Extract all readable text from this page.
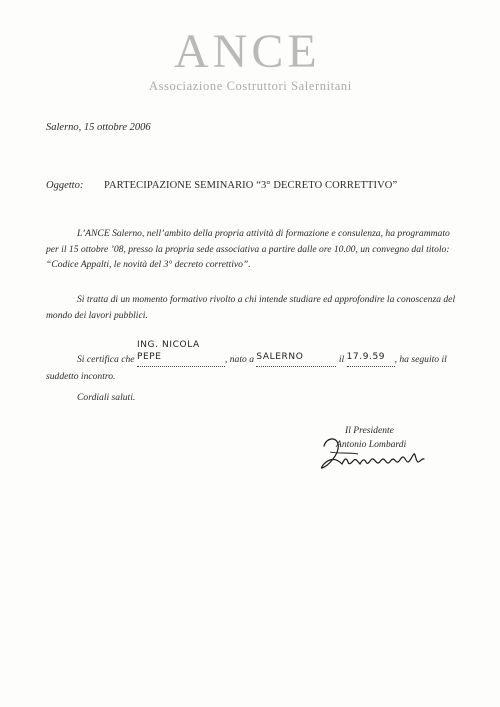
ANCE
Associazione Costruttori Salernitani
Salerno, 15 ottobre 2006
Oggetto: PARTECIPAZIONE SEMINARIO “3° DECRETO CORRETTIVO”
L’ANCE Salerno, nell’ambito della propria attività di formazione e consulenza, ha programmato per il 15 ottobre ’08, presso la propria sede associativa a partire dalle ore 10.00, un convegno dal titolo: “Codice Appalti, le novità del 3° decreto correttivo”.
Si tratta di un momento formativo rivolto a chi intende studiare ed approfondire la conoscenza del mondo dei lavori pubblici.
Si certifica che ING. NICOLA PEPE	, nato a SALERNO	il 17.9.59 , ha seguito il suddetto incontro.
Cordiali saluti.
Il Presidente
Antonio Lombardi
